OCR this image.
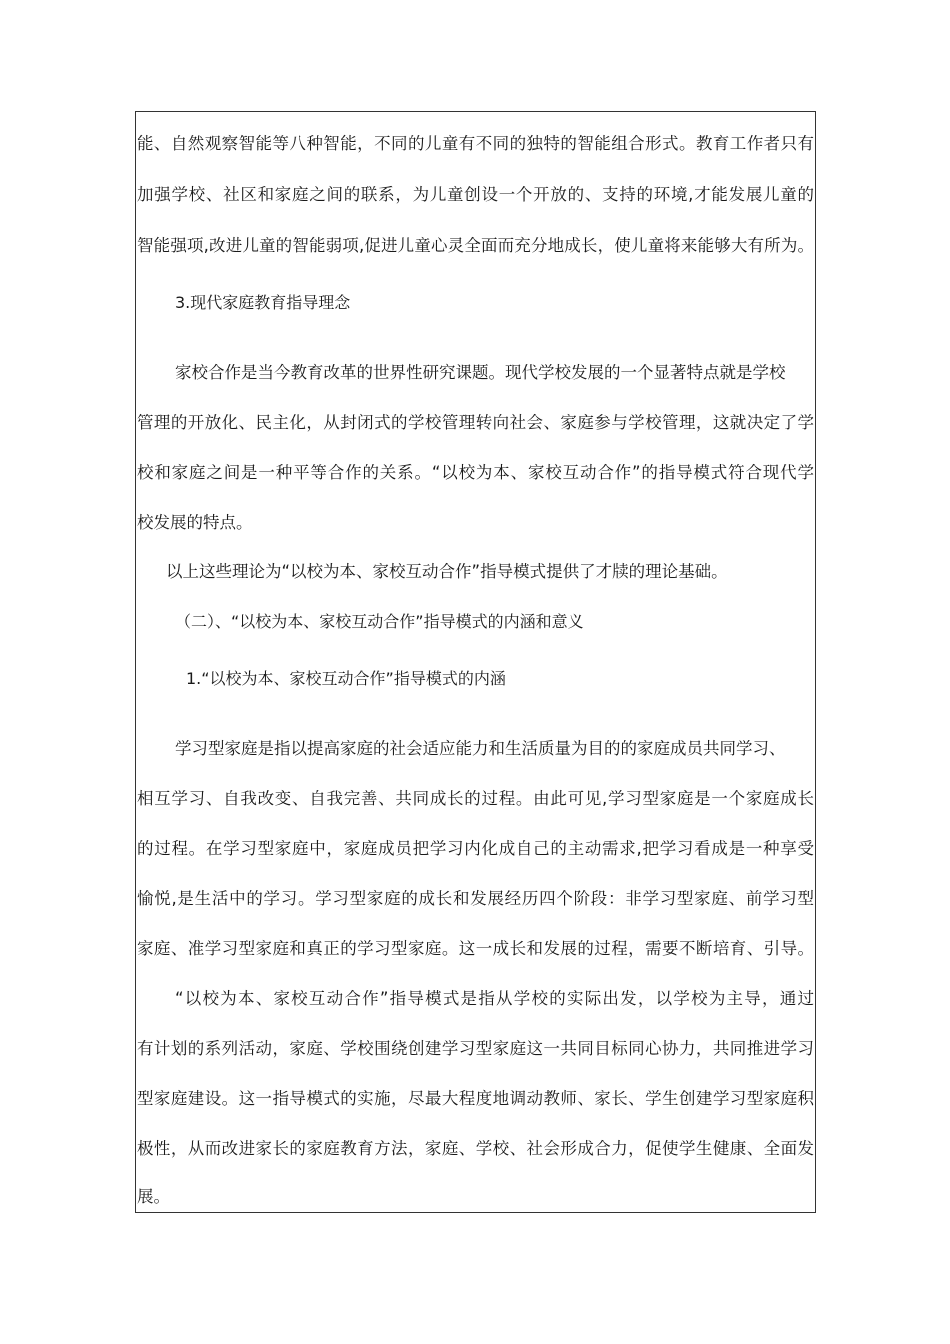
能、自然观察智能等八种智能，不同的儿童有不同的独特的智能组合形式。教育工作者只有
加强学校、社区和家庭之间的联系，为儿童创设一个开放的、支持的环境,才能发展儿童的
智能强项,改进儿童的智能弱项,促进儿童心灵全面而充分地成长，使儿童将来能够大有所为。
3.现代家庭教育指导理念
家校合作是当今教育改革的世界性研究课题。现代学校发展的一个显著特点就是学校
管理的开放化、民主化，从封闭式的学校管理转向社会、家庭参与学校管理，这就决定了学
校和家庭之间是一种平等合作的关系。“以校为本、家校互动合作”的指导模式符合现代学
校发展的特点。
以上这些理论为“以校为本、家校互动合作”指导模式提供了才牍的理论基础。
（二）、“以校为本、家校互动合作”指导模式的内涵和意义
1.“以校为本、家校互动合作”指导模式的内涵
学习型家庭是指以提高家庭的社会适应能力和生活质量为目的的家庭成员共同学习、
相互学习、自我改变、自我完善、共同成长的过程。由此可见,学习型家庭是一个家庭成长
的过程。在学习型家庭中，家庭成员把学习内化成自己的主动需求,把学习看成是一种享受
愉悦,是生活中的学习。学习型家庭的成长和发展经历四个阶段：非学习型家庭、前学习型
家庭、准学习型家庭和真正的学习型家庭。这一成长和发展的过程，需要不断培育、引导。
“以校为本、家校互动合作”指导模式是指从学校的实际出发，以学校为主导，通过
有计划的系列活动，家庭、学校围绕创建学习型家庭这一共同目标同心协力，共同推进学习
型家庭建设。这一指导模式的实施，尽最大程度地调动教师、家长、学生创建学习型家庭积
极性，从而改进家长的家庭教育方法，家庭、学校、社会形成合力，促使学生健康、全面发
展。
